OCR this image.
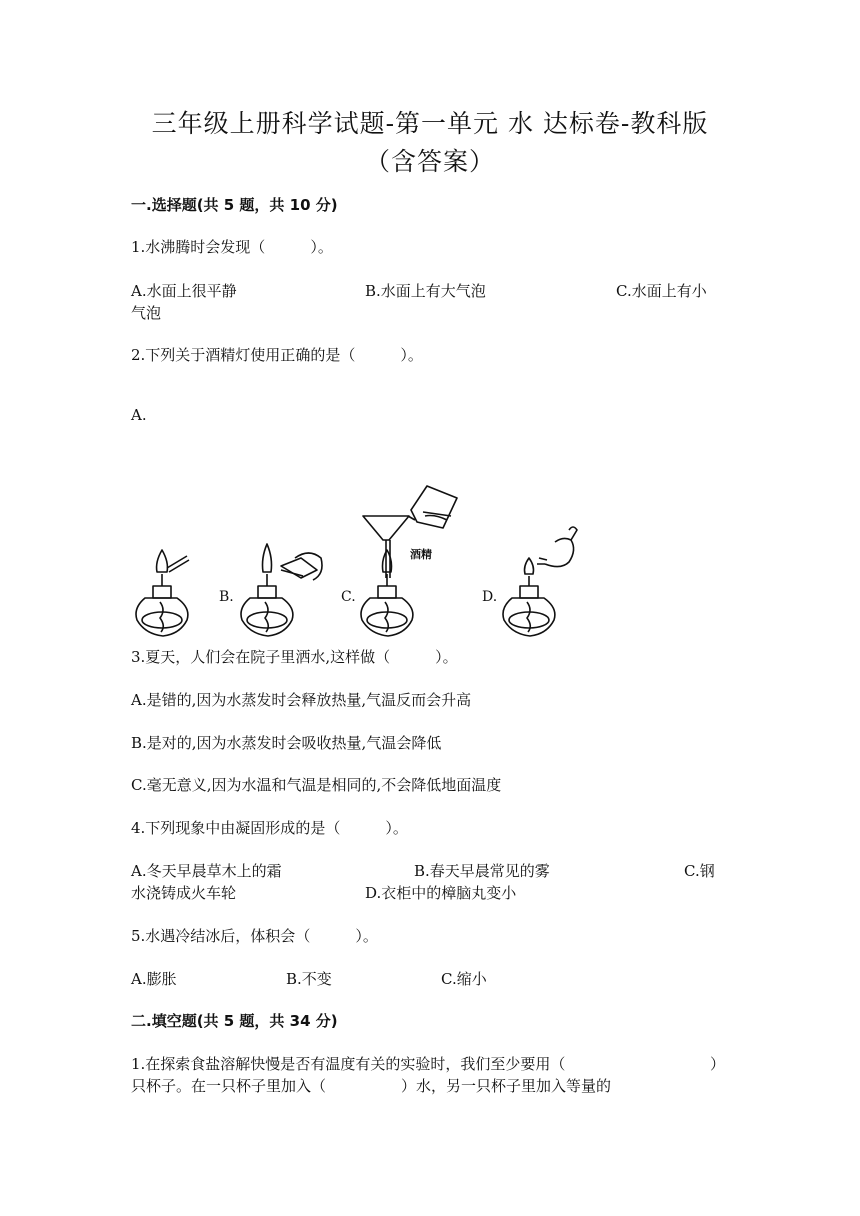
三年级上册科学试题-第一单元 水 达标卷-教科版
（含答案）
一.选择题(共 5 题，共 10 分)
1.水沸腾时会发现（　　　）。
A.水面上很平静	B.水面上有大气泡	C.水面上有小
气泡
2.下列关于酒精灯使用正确的是（　　　）。
A.
酒精
B.	C.	D.
3.夏天，人们会在院子里洒水,这样做（　　　）。
A.是错的,因为水蒸发时会释放热量,气温反而会升高
B.是对的,因为水蒸发时会吸收热量,气温会降低
C.毫无意义,因为水温和气温是相同的,不会降低地面温度
4.下列现象中由凝固形成的是（　　　）。
A.冬天早晨草木上的霜	B.春天早晨常见的雾	C.钢
水浇铸成火车轮	D.衣柜中的樟脑丸变小
5.水遇冷结冰后，体积会（　　　）。
A.膨胀	B.不变	C.缩小
二.填空题(共 5 题，共 34 分)
1.在探索食盐溶解快慢是否有温度有关的实验时，我们至少要用（	）
只杯子。在一只杯子里加入（　　　　　）水，另一只杯子里加入等量的
